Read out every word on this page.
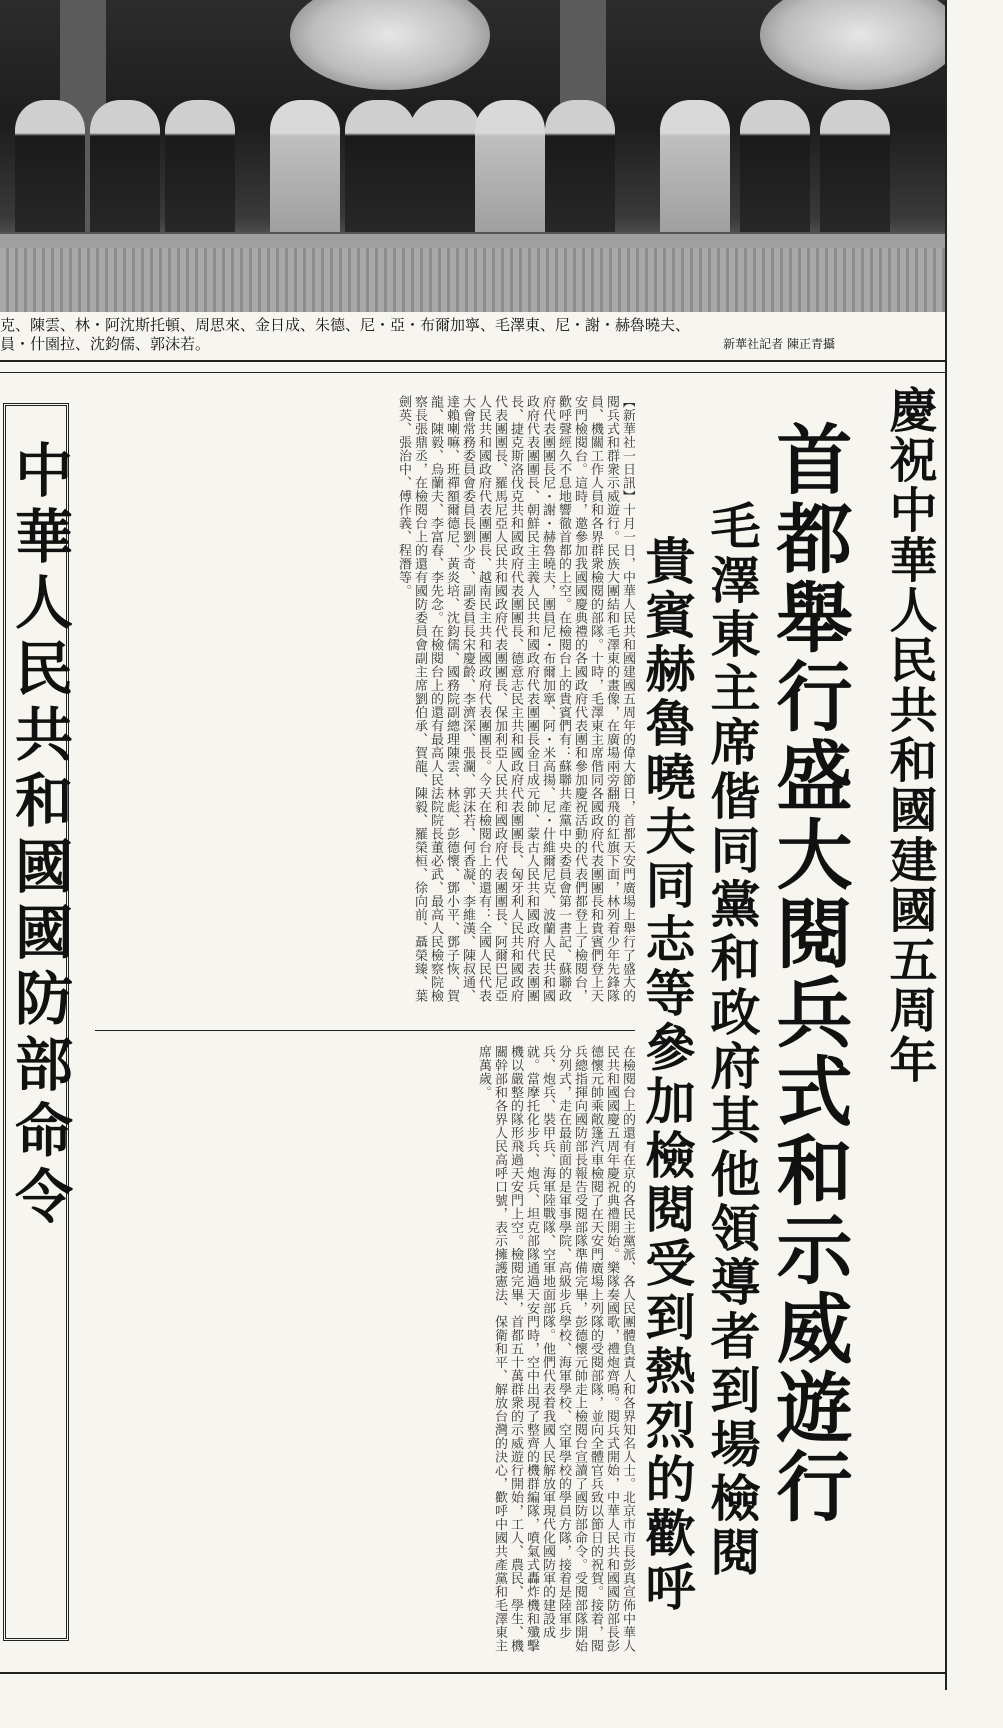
克、陳雲、林・阿沈斯托頓、周思來、金日成、朱德、尼・亞・布爾加寧、毛澤東、尼・謝・赫魯曉夫、
員・什園拉、沈鈞儒、郭沫若。	新華社記者 陳正青攝
慶祝中華人民共和國建國五周年
首都舉行盛大閱兵式和示威遊行
毛澤東主席偕同黨和政府其他領導者到場檢閱
貴賓赫魯曉夫同志等參加檢閱受到熱烈的歡呼
【新華社一日訊】十月一日，中華人民共和國建國五周年的偉大節日，首都天安門廣場上舉行了盛大的閱兵式和群衆示威遊行。民族大團結和毛澤東的畫像，在廣場兩旁翻飛的紅旗下面，林列着少年先鋒隊員、機關工作人員和各界群衆檢閱的部隊。十時，毛澤東主席偕同各國政府代表團團長和貴賓們登上天安門檢閱台。這時，邀參加我國國慶典禮的各國政府代表團和參加慶祝活動的代表們都登上了檢閱台，歡呼聲經久不息地響徹首都的上空。在檢閱台上的貴賓們有：蘇聯共產黨中央委員會第一書記、蘇聯政府代表團團長尼・謝・赫魯曉夫，團員尼・布爾加寧、阿・米高揚、尼・什維爾尼克、波蘭人民共和國政府代表團團長、朝鮮民主主義人民共和國政府代表團團長金日成元帥、蒙古人民共和國政府代表團團長、捷克斯洛伐克共和國政府代表團團長、德意志民主共和國政府代表團團長、匈牙利人民共和國政府代表團團長、羅馬尼亞人民共和國政府代表團團長、保加利亞人民共和國政府代表團團長、阿爾巴尼亞人民共和國政府代表團團長、越南民主共和國政府代表團團長。今天在檢閱台上的還有：全國人民代表大會常務委員會委員長劉少奇、副委員長宋慶齡、李濟深、張瀾、郭沫若、何香凝、李維漢、陳叔通、達賴喇嘛、班禪額爾德尼、黃炎培、沈鈞儒、國務院副總理陳雲、林彪、彭德懷、鄧小平、鄧子恢、賀龍、陳毅、烏蘭夫、李富春、李先念。在檢閱台上的還有最高人民法院院長董必武、最高人民檢察院檢察長張鼎丞，在檢閱台上的還有國防委員會副主席劉伯承、賀龍、陳毅、羅榮桓、徐向前、聶榮臻、葉劍英、張治中、傅作義、程潛等。
在檢閱台上的還有在京的各民主黨派、各人民團體負責人和各界知名人士。北京市市長彭真宣佈中華人民共和國國慶五周年慶祝典禮開始。樂隊奏國歌，禮炮齊鳴。閱兵式開始，中華人民共和國國防部長彭德懷元帥乘敞篷汽車檢閱了在天安門廣場上列隊的受閱部隊，並向全體官兵致以節日的祝賀。接着，閱兵總指揮向國防部長報告受閱部隊準備完畢，彭德懷元帥走上檢閱台宣讀了國防部命令。受閱部隊開始分列式，走在最前面的是軍事學院、高級步兵學校、海軍學校、空軍學校的學員方隊，接着是陸軍步兵、炮兵、裝甲兵、海軍陸戰隊、空軍地面部隊。他們代表着我國人民解放軍現代化國防軍的建設成就。當摩托化步兵、炮兵、坦克部隊通過天安門時，空中出現了整齊的機群編隊，噴氣式轟炸機和殲擊機以嚴整的隊形飛過天安門上空。檢閱完畢，首都五十萬群衆的示威遊行開始，工人、農民、學生、機關幹部和各界人民高呼口號，表示擁護憲法、保衛和平、解放台灣的決心，歡呼中國共產黨和毛澤東主席萬歲。
中華人民共和國國防部命令
